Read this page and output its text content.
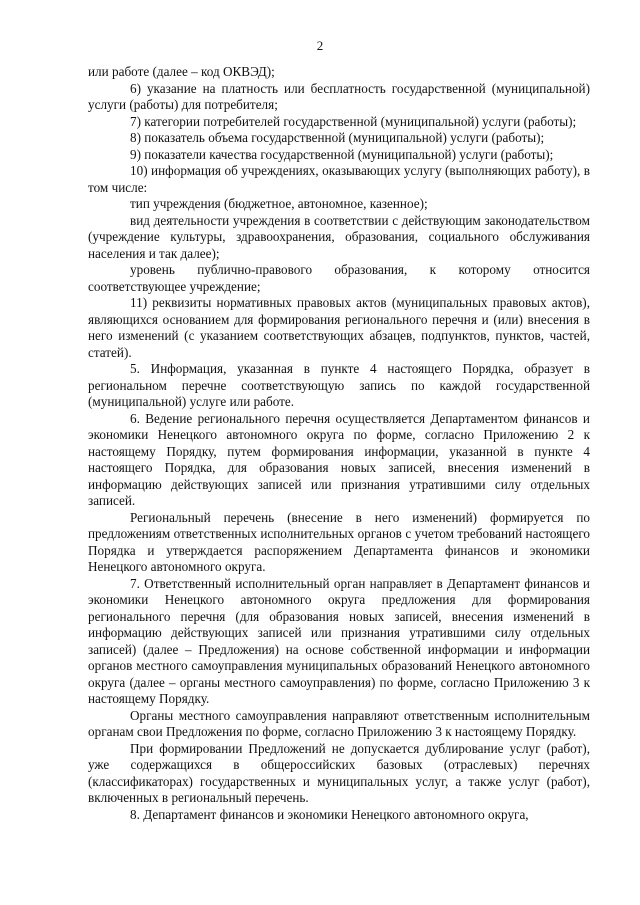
2

или работе (далее – код ОКВЭД);

6) указание на платность или бесплатность государственной (муниципальной) услуги (работы) для потребителя;

7) категории потребителей государственной (муниципальной) услуги (работы);

8) показатель объема государственной (муниципальной) услуги (работы);

9) показатели качества государственной (муниципальной) услуги (работы);

10) информация об учреждениях, оказывающих услугу (выполняющих работу), в том числе:

тип учреждения (бюджетное, автономное, казенное);

вид деятельности учреждения в соответствии с действующим законодательством (учреждение культуры, здравоохранения, образования, социального обслуживания населения и так далее);

уровень публично-правового образования, к которому относится соответствующее учреждение;

11) реквизиты нормативных правовых актов (муниципальных правовых актов), являющихся основанием для формирования регионального перечня и (или) внесения в него изменений (с указанием соответствующих абзацев, подпунктов, пунктов, частей, статей).

5. Информация, указанная в пункте 4 настоящего Порядка, образует в региональном перечне соответствующую запись по каждой государственной (муниципальной) услуге или работе.

6. Ведение регионального перечня осуществляется Департаментом финансов и экономики Ненецкого автономного округа по форме, согласно Приложению 2 к настоящему Порядку, путем формирования информации, указанной в пункте 4 настоящего Порядка, для образования новых записей, внесения изменений в информацию действующих записей или признания утратившими силу отдельных записей.

Региональный перечень (внесение в него изменений) формируется по предложениям ответственных исполнительных органов с учетом требований настоящего Порядка и утверждается распоряжением Департамента финансов и экономики Ненецкого автономного округа.

7. Ответственный исполнительный орган направляет в Департамент финансов и экономики Ненецкого автономного округа предложения для формирования регионального перечня (для образования новых записей, внесения изменений в информацию действующих записей или признания утратившими силу отдельных записей) (далее – Предложения) на основе собственной информации и информации органов местного самоуправления муниципальных образований Ненецкого автономного округа (далее – органы местного самоуправления) по форме, согласно Приложению 3 к настоящему Порядку.

Органы местного самоуправления направляют ответственным исполнительным органам свои Предложения по форме, согласно Приложению 3 к настоящему Порядку.

При формировании Предложений не допускается дублирование услуг (работ), уже содержащихся в общероссийских базовых (отраслевых) перечнях (классификаторах) государственных и муниципальных услуг, а также услуг (работ), включенных в региональный перечень.

8. Департамент финансов и экономики Ненецкого автономного округа,
